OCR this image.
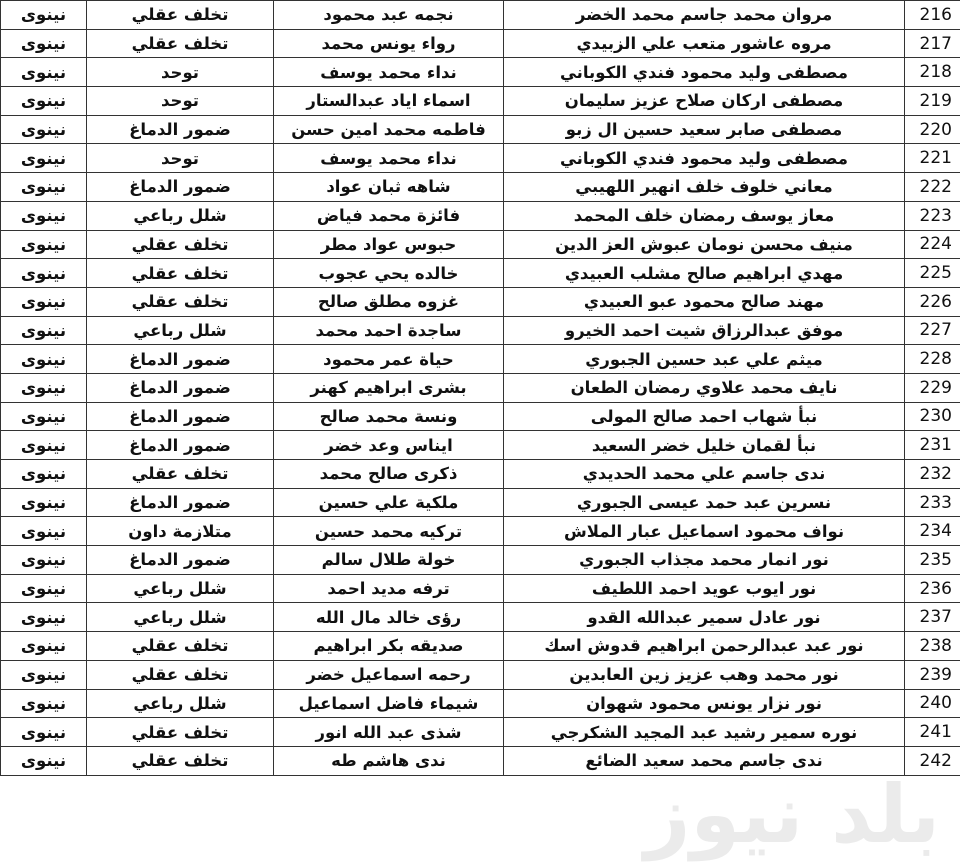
نينوى	تخلف عقلي	نجمه عبد محمود	مروان محمد جاسم محمد الخضر	216
نينوى	تخلف عقلي	رواء يونس محمد	مروه عاشور متعب علي الزبيدي	217
نينوى	توحد	نداء محمد يوسف	مصطفى وليد محمود فندي الكوباني	218
نينوى	توحد	اسماء اياد عبدالستار	مصطفى اركان صلاح عزيز سليمان	219
نينوى	ضمور الدماغ	فاطمه محمد امين حسن	مصطفى صابر سعيد حسين ال زبو	220
نينوى	توحد	نداء محمد يوسف	مصطفى وليد محمود فندي الكوباني	221
نينوى	ضمور الدماغ	شاهه ثبان عواد	معاني خلوف خلف انهير اللهيبي	222
نينوى	شلل رباعي	فائزة محمد فياض	معاز يوسف رمضان خلف المحمد	223
نينوى	تخلف عقلي	حبوس عواد مطر	منيف محسن نومان عبوش العز الدين	224
نينوى	تخلف عقلي	خالده يحي عجوب	مهدي ابراهيم صالح مشلب العبيدي	225
نينوى	تخلف عقلي	غزوه مطلق صالح	مهند صالح محمود عبو العبيدي	226
نينوى	شلل رباعي	ساجدة احمد محمد	موفق عبدالرزاق شيت احمد الخيرو	227
نينوى	ضمور الدماغ	حياة عمر محمود	ميثم علي عبد حسين الجبوري	228
نينوى	ضمور الدماغ	بشرى ابراهيم كهنر	نايف محمد علاوي رمضان الطعان	229
نينوى	ضمور الدماغ	ونسة محمد صالح	نبأ شهاب احمد صالح المولى	230
نينوى	ضمور الدماغ	ايناس وعد خضر	نبأ لقمان خليل خضر السعيد	231
نينوى	تخلف عقلي	ذكرى صالح محمد	ندى جاسم علي محمد الحديدي	232
نينوى	ضمور الدماغ	ملكية علي حسين	نسرين عبد حمد عيسى الجبوري	233
نينوى	متلازمة داون	تركيه محمد حسين	نواف محمود اسماعيل عبار الملاش	234
نينوى	ضمور الدماغ	خولة طلال سالم	نور انمار محمد مجذاب الجبوري	235
نينوى	شلل رباعي	ترفه مديد احمد	نور ايوب عويد احمد اللطيف	236
نينوى	شلل رباعي	رؤى خالد مال الله	نور عادل سمير عبدالله القدو	237
نينوى	تخلف عقلي	صديقه بكر ابراهيم	نور عبد عبدالرحمن ابراهيم قدوش اسك	238
نينوى	تخلف عقلي	رحمه اسماعيل خضر	نور محمد وهب عزيز زين العابدين	239
نينوى	شلل رباعي	شيماء فاضل اسماعيل	نور نزار يونس محمود شهوان	240
نينوى	تخلف عقلي	شذى عبد الله انور	نوره سمير رشيد عبد المجيد الشكرجي	241
نينوى	تخلف عقلي	ندى هاشم طه	ندى جاسم محمد سعيد الضائع	242
بلد نيوز
